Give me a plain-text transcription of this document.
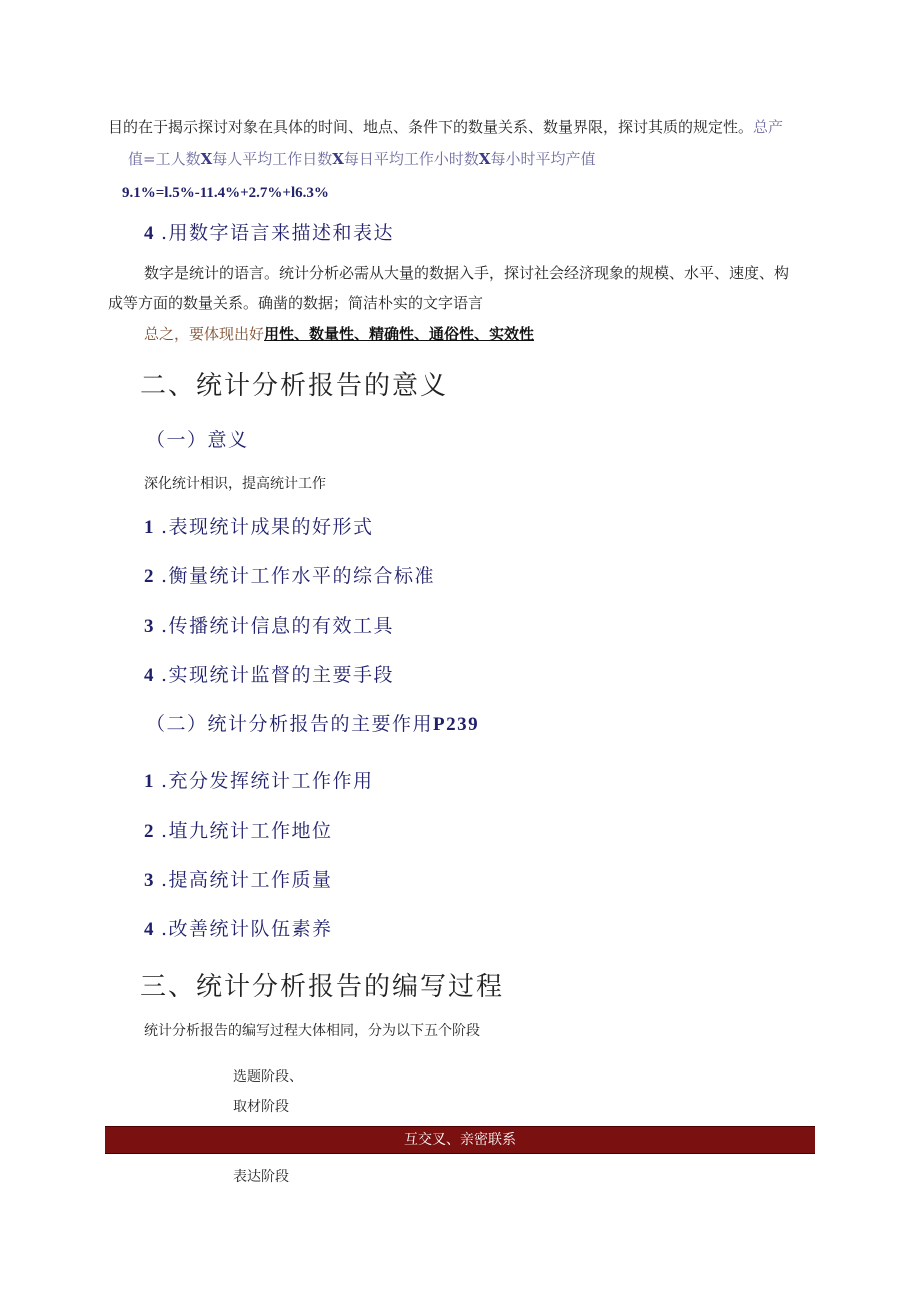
目的在于揭示探讨对象在具体的时间、地点、条件下的数量关系、数量界限，探讨其质的规定性。总产
值=工人数X每人平均工作日数X每日平均工作小时数X每小时平均产值
9.1%=l.5%-11.4%+2.7%+l6.3%
4 .用数字语言来描述和表达
数字是统计的语言。统计分析必需从大量的数据入手，探讨社会经济现象的规模、水平、速度、构
成等方面的数量关系。确凿的数据；简洁朴实的文字语言
总之，要体现出好用性、数量性、精确性、通俗性、实效性
二、统计分析报告的意义
（一）意义
深化统计相识，提高统计工作
1 .表现统计成果的好形式
2 .衡量统计工作水平的综合标准
3 .传播统计信息的有效工具
4 .实现统计监督的主要手段
（二）统计分析报告的主要作用P239
1 .充分发挥统计工作作用
2 .埴九统计工作地位
3 .提高统计工作质量
4 .改善统计队伍素养
三、统计分析报告的编写过程
统计分析报告的编写过程大体相同，分为以下五个阶段
选题阶段、
取材阶段
互交叉、亲密联系
表达阶段
